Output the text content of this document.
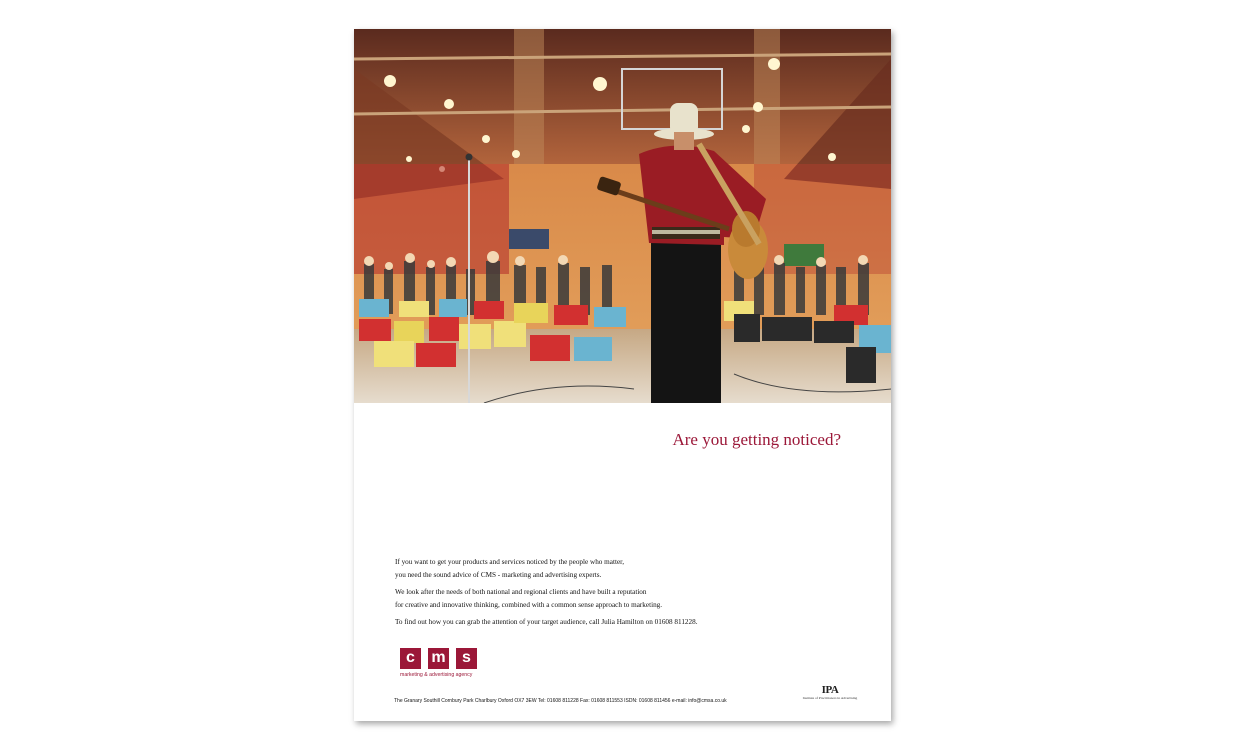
Are you getting noticed?

If you want to get your products and services noticed by the people who matter,
you need the sound advice of CMS - marketing and advertising experts.

We look after the needs of both national and regional clients and have built a reputation
for creative and innovative thinking, combined with a common sense approach to marketing.

To find out how you can grab the attention of your target audience, call Julia Hamilton on 01608 811228.

c	m	s
marketing & advertising agency
IPA
Institute of Practitioners in Advertising
The Granary Southill Cornbury Park Charlbury Oxford OX7 3EW Tel: 01608 811228 Fax: 01608 811553 ISDN: 01608 811456 e-mail: info@cmsa.co.uk
